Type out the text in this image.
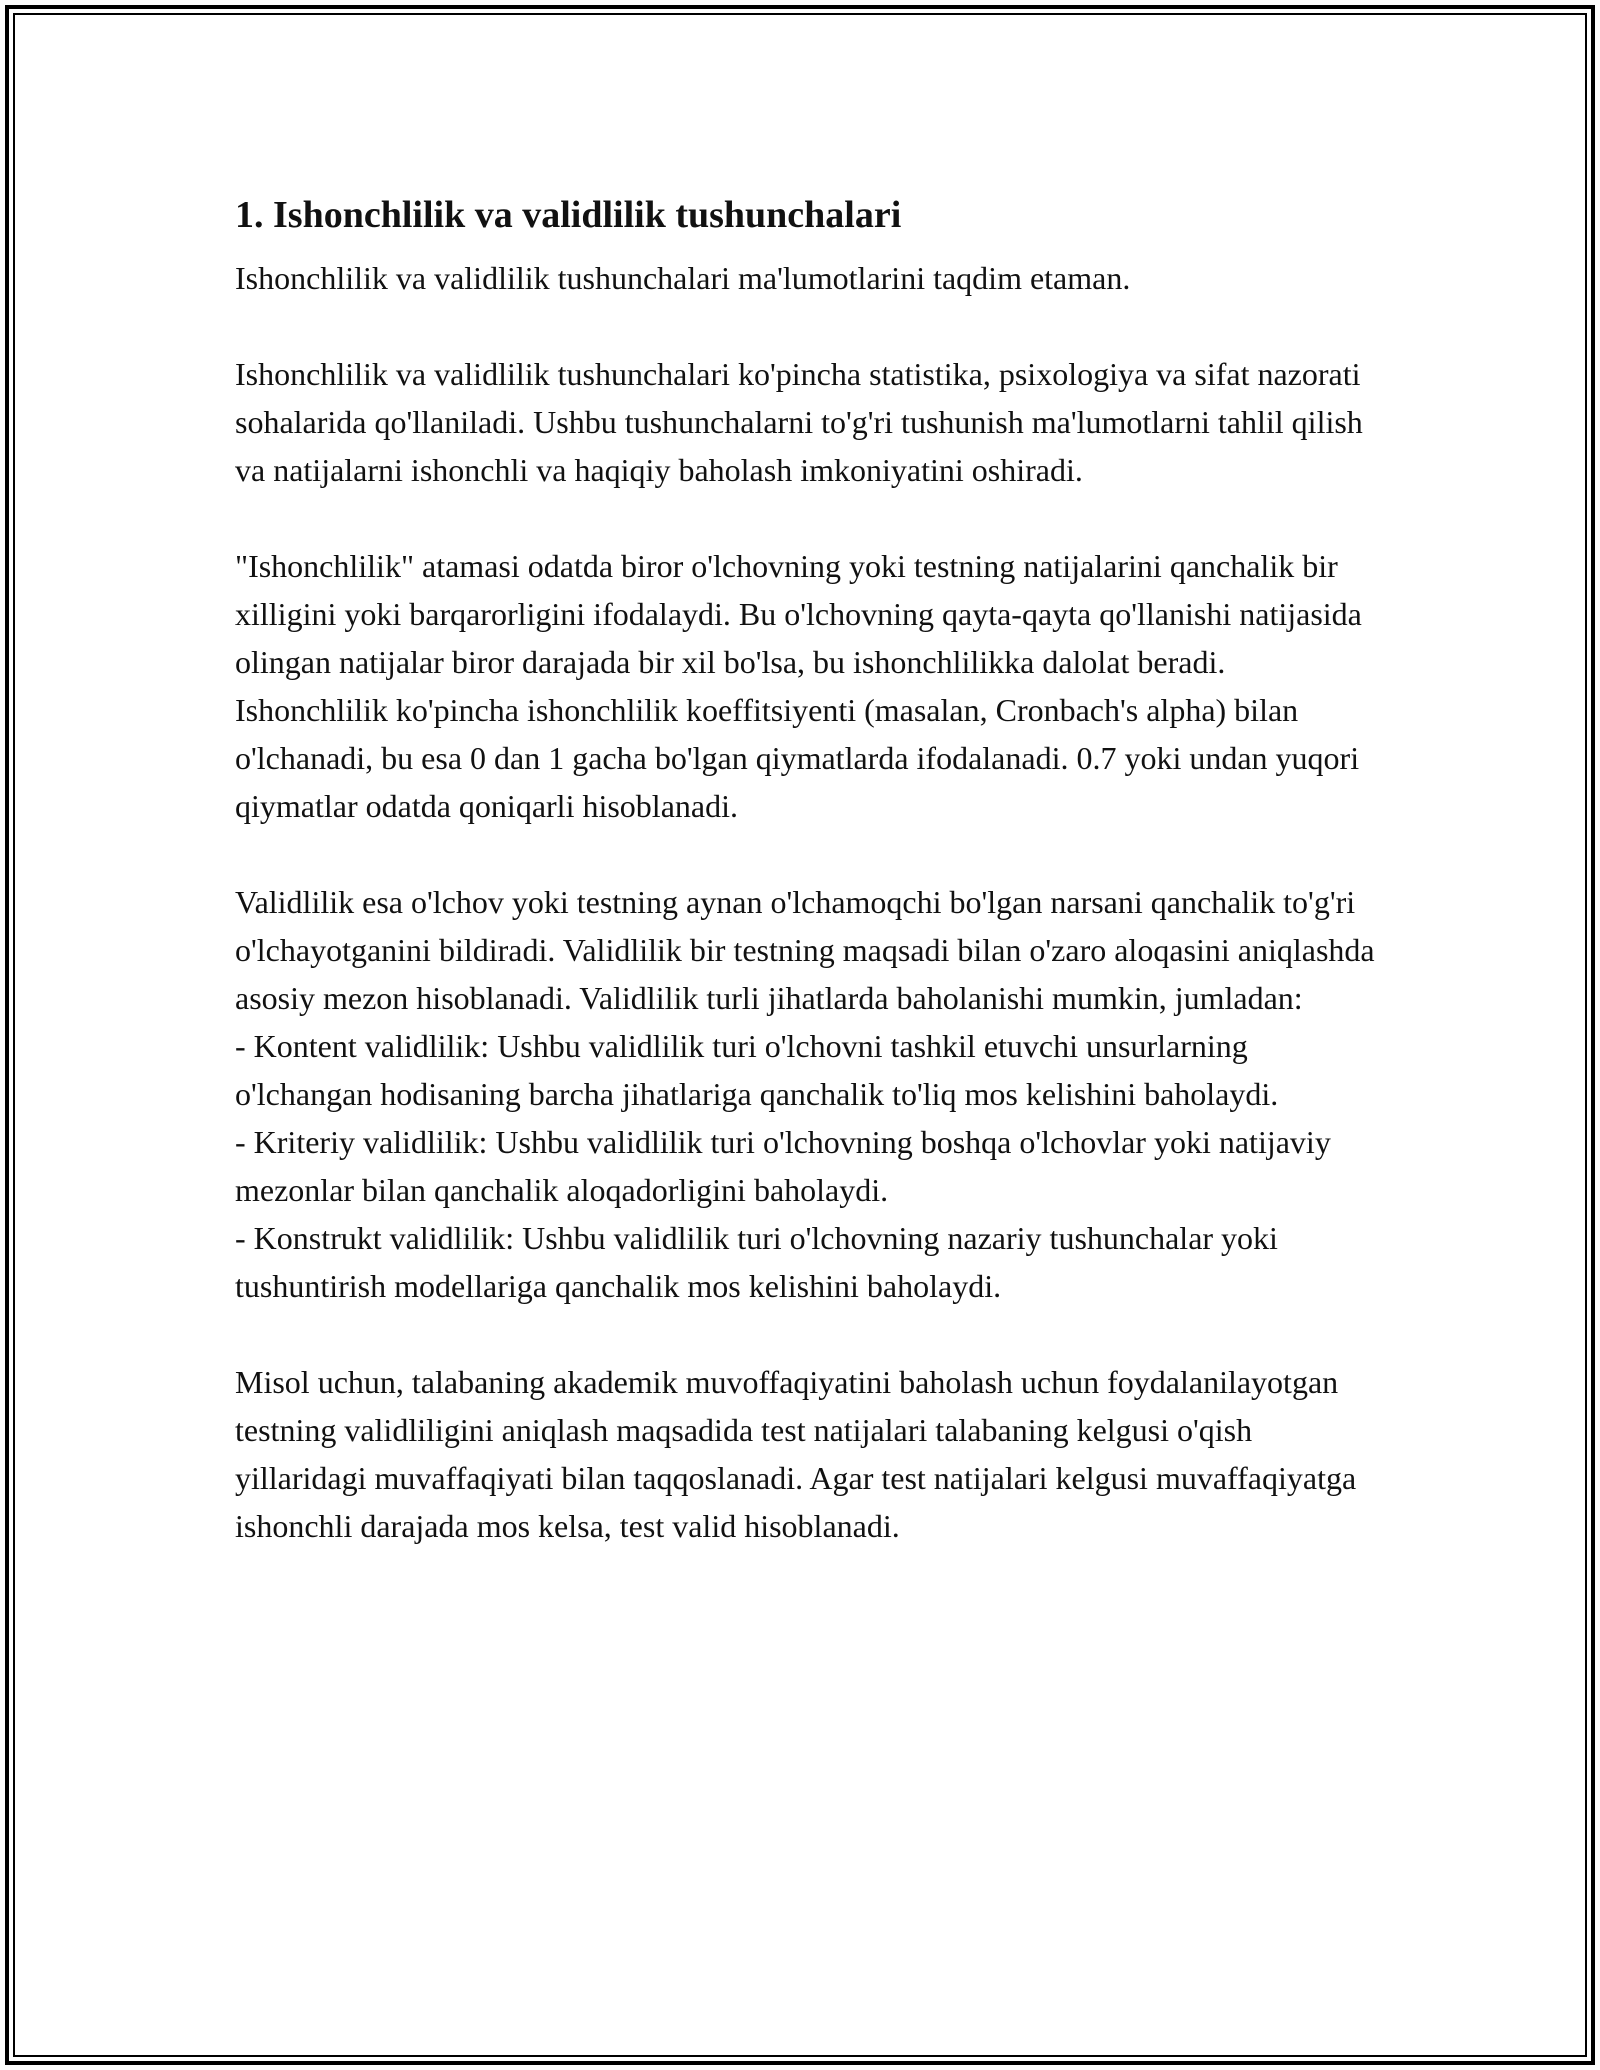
1. Ishonchlilik va validlilik tushunchalari

Ishonchlilik va validlilik tushunchalari ma'lumotlarini taqdim etaman.

Ishonchlilik va validlilik tushunchalari ko'pincha statistika, psixologiya va sifat nazorati sohalarida qo'llaniladi. Ushbu tushunchalarni to'g'ri tushunish ma'lumotlarni tahlil qilish va natijalarni ishonchli va haqiqiy baholash imkoniyatini oshiradi.

"Ishonchlilik" atamasi odatda biror o'lchovning yoki testning natijalarini qanchalik bir xilligini yoki barqarorligini ifodalaydi. Bu o'lchovning qayta-qayta qo'llanishi natijasida olingan natijalar biror darajada bir xil bo'lsa, bu ishonchlilikka dalolat beradi. Ishonchlilik ko'pincha ishonchlilik koeffitsiyenti (masalan, Cronbach's alpha) bilan o'lchanadi, bu esa 0 dan 1 gacha bo'lgan qiymatlarda ifodalanadi. 0.7 yoki undan yuqori qiymatlar odatda qoniqarli hisoblanadi.

Validlilik esa o'lchov yoki testning aynan o'lchamoqchi bo'lgan narsani qanchalik to'g'ri o'lchayotganini bildiradi. Validlilik bir testning maqsadi bilan o'zaro aloqasini aniqlashda asosiy mezon hisoblanadi. Validlilik turli jihatlarda baholanishi mumkin, jumladan:
- Kontent validlilik: Ushbu validlilik turi o'lchovni tashkil etuvchi unsurlarning o'lchangan hodisaning barcha jihatlariga qanchalik to'liq mos kelishini baholaydi.
- Kriteriy validlilik: Ushbu validlilik turi o'lchovning boshqa o'lchovlar yoki natijaviy mezonlar bilan qanchalik aloqadorligini baholaydi.
- Konstrukt validlilik: Ushbu validlilik turi o'lchovning nazariy tushunchalar yoki tushuntirish modellariga qanchalik mos kelishini baholaydi.

Misol uchun, talabaning akademik muvoffaqiyatini baholash uchun foydalanilayotgan testning validliligini aniqlash maqsadida test natijalari talabaning kelgusi o'qish yillaridagi muvaffaqiyati bilan taqqoslanadi. Agar test natijalari kelgusi muvaffaqiyatga ishonchli darajada mos kelsa, test valid hisoblanadi.
